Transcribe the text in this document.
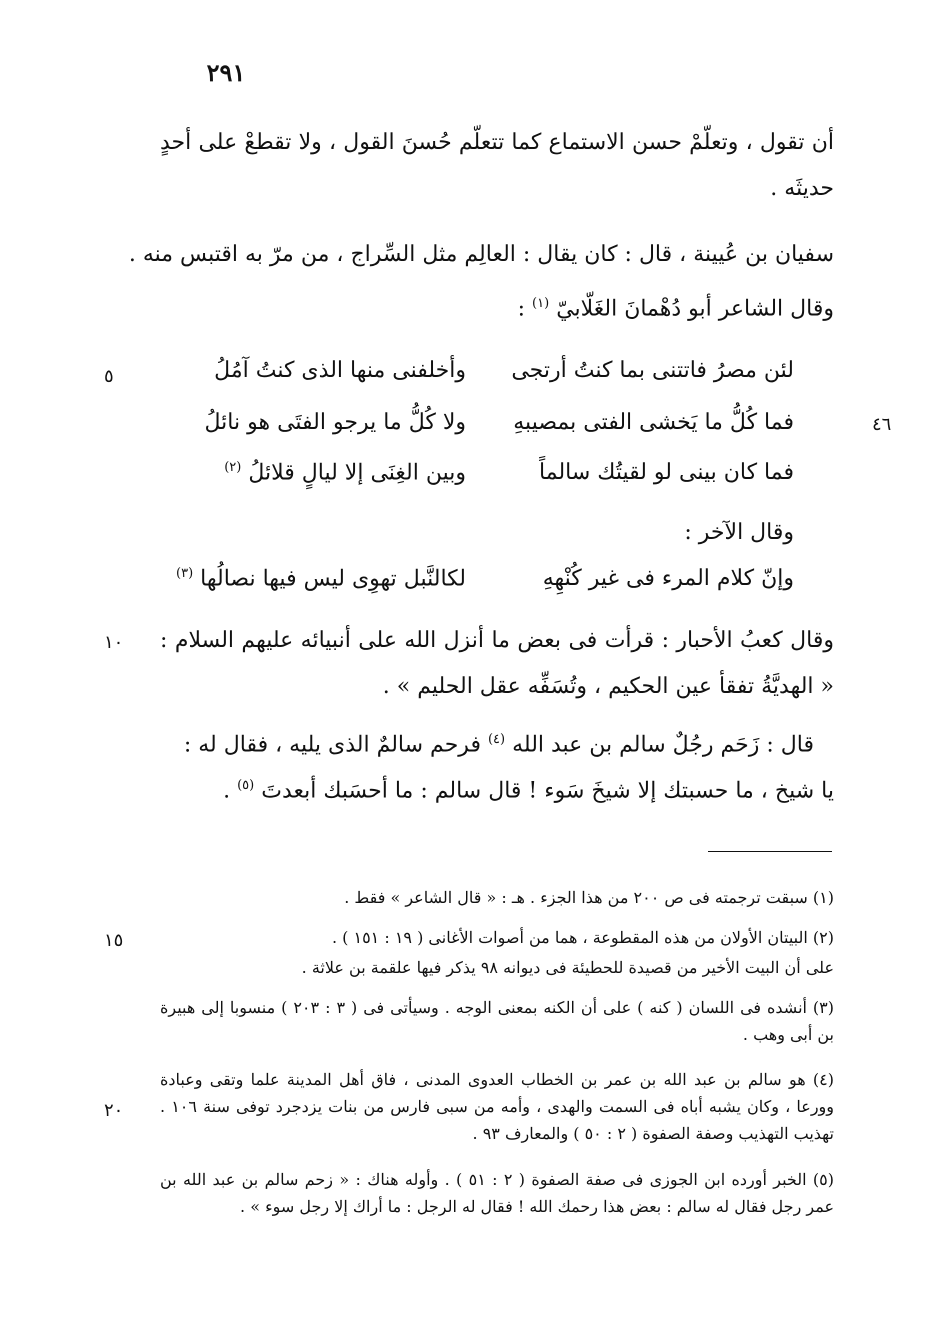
٢٩١
أن تقول ، وتعلّمْ حسن الاستماع كما تتعلّم حُسنَ القول ، ولا تقطعْ على أحدٍ حديثَه .
سفيان بن عُيينة ، قال : كان يقال : العالِم مثل السِّراج ، من مرّ به اقتبس منه .
وقال الشاعر أبو دُهْمانَ الغَلّابيّ $^{(١)}$ :
لئن مصرُ فاتتنى بما كنتُ أرتجى
وأخلفنى منها الذى كنتُ آمُلُ
فما كُلُّ ما يَخشى الفتى بمصيبهِ
ولا كُلُّ ما يرجو الفتَى هو نائلُ
فما كان بينى لو لقيتُك سالماً
وبين الغِنَى إلا ليالٍ قلائلُ $^{(٢)}$
وقال الآخر :
وإنّ كلام المرء فى غير كُنْهِهِ
لكالنَّبل تهوِى ليس فيها نصالُها $^{(٣)}$
وقال كعبُ الأحبار : قرأت فى بعض ما أنزل الله على أنبيائه عليهم السلام : « الهديَّةُ تفقأ عين الحكيم ، وتُسَفِّه عقل الحليم » .
قال : زَحَم رجُلٌ سالم بن عبد الله $^{(٤)}$ فرحم سالمٌ الذى يليه ، فقال له :
يا شيخ ، ما حسبتك إلا شيخَ سَوء ! قال سالم : ما أحسَبك أبعدتَ $^{(٥)}$ .
٥
٤٦
١٠
١٥
٢٠
(١) سبقت ترجمته فى ص ٢٠٠ من هذا الجزء . هـ : « قال الشاعر » فقط .
(٢) البيتان الأولان من هذه المقطوعة ، هما من أصوات الأغانى ( ١٩ : ١٥١ ) .
على أن البيت الأخير من قصيدة للحطيئة فى ديوانه ٩٨ يذكر فيها علقمة بن علاثة .
(٣) أنشده فى اللسان ( كنه ) على أن الكنه بمعنى الوجه . وسيأتى فى ( ٣ : ٢٠٣ ) منسوبا إلى هبيرة بن أبى وهب .
(٤) هو سالم بن عبد الله بن عمر بن الخطاب العدوى المدنى ، فاق أهل المدينة علما وتقى وعبادة وورعا ، وكان يشبه أباه فى السمت والهدى ، وأمه من سبى فارس من بنات يزدجرد توفى سنة ١٠٦ . تهذيب التهذيب وصفة الصفوة ( ٢ : ٥٠ ) والمعارف ٩٣ .
(٥) الخبر أورده ابن الجوزى فى صفة الصفوة ( ٢ : ٥١ ) . وأوله هناك : « زحم سالم بن عبد الله بن عمر رجل فقال له سالم : بعض هذا رحمك الله ! فقال له الرجل : ما أراك إلا رجل سوء » .
